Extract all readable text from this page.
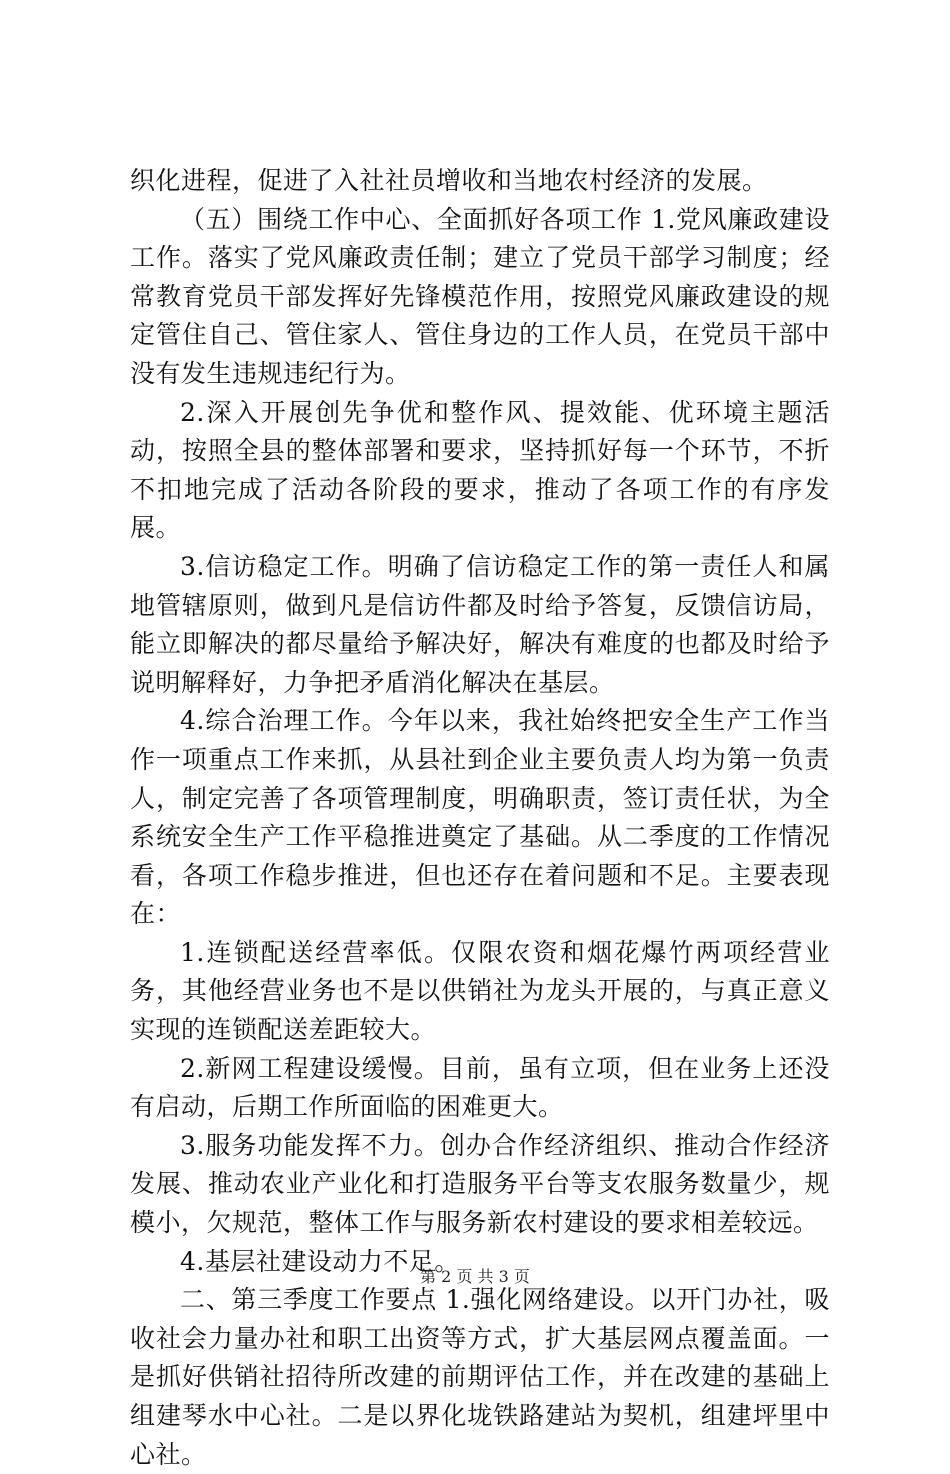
织化进程，促进了入社社员增收和当地农村经济的发展。

（五）围绕工作中心、全面抓好各项工作 1.党风廉政建设工作。落实了党风廉政责任制；建立了党员干部学习制度；经常教育党员干部发挥好先锋模范作用，按照党风廉政建设的规定管住自己、管住家人、管住身边的工作人员，在党员干部中没有发生违规违纪行为。

2.深入开展创先争优和整作风、提效能、优环境主题活动，按照全县的整体部署和要求，坚持抓好每一个环节，不折不扣地完成了活动各阶段的要求，推动了各项工作的有序发展。

3.信访稳定工作。明确了信访稳定工作的第一责任人和属地管辖原则，做到凡是信访件都及时给予答复，反馈信访局，能立即解决的都尽量给予解决好，解决有难度的也都及时给予说明解释好，力争把矛盾消化解决在基层。

4.综合治理工作。今年以来，我社始终把安全生产工作当作一项重点工作来抓，从县社到企业主要负责人均为第一负责人，制定完善了各项管理制度，明确职责，签订责任状，为全系统安全生产工作平稳推进奠定了基础。从二季度的工作情况看，各项工作稳步推进，但也还存在着问题和不足。主要表现在：

1.连锁配送经营率低。仅限农资和烟花爆竹两项经营业务，其他经营业务也不是以供销社为龙头开展的，与真正意义实现的连锁配送差距较大。

2.新网工程建设缓慢。目前，虽有立项，但在业务上还没有启动，后期工作所面临的困难更大。

3.服务功能发挥不力。创办合作经济组织、推动合作经济发展、推动农业产业化和打造服务平台等支农服务数量少，规模小，欠规范，整体工作与服务新农村建设的要求相差较远。

4.基层社建设动力不足。

二、第三季度工作要点 1.强化网络建设。以开门办社，吸收社会力量办社和职工出资等方式，扩大基层网点覆盖面。一是抓好供销社招待所改建的前期评估工作，并在改建的基础上组建琴水中心社。二是以界化垅铁路建站为契机，组建坪里中心社。

第 2 页 共 3 页
